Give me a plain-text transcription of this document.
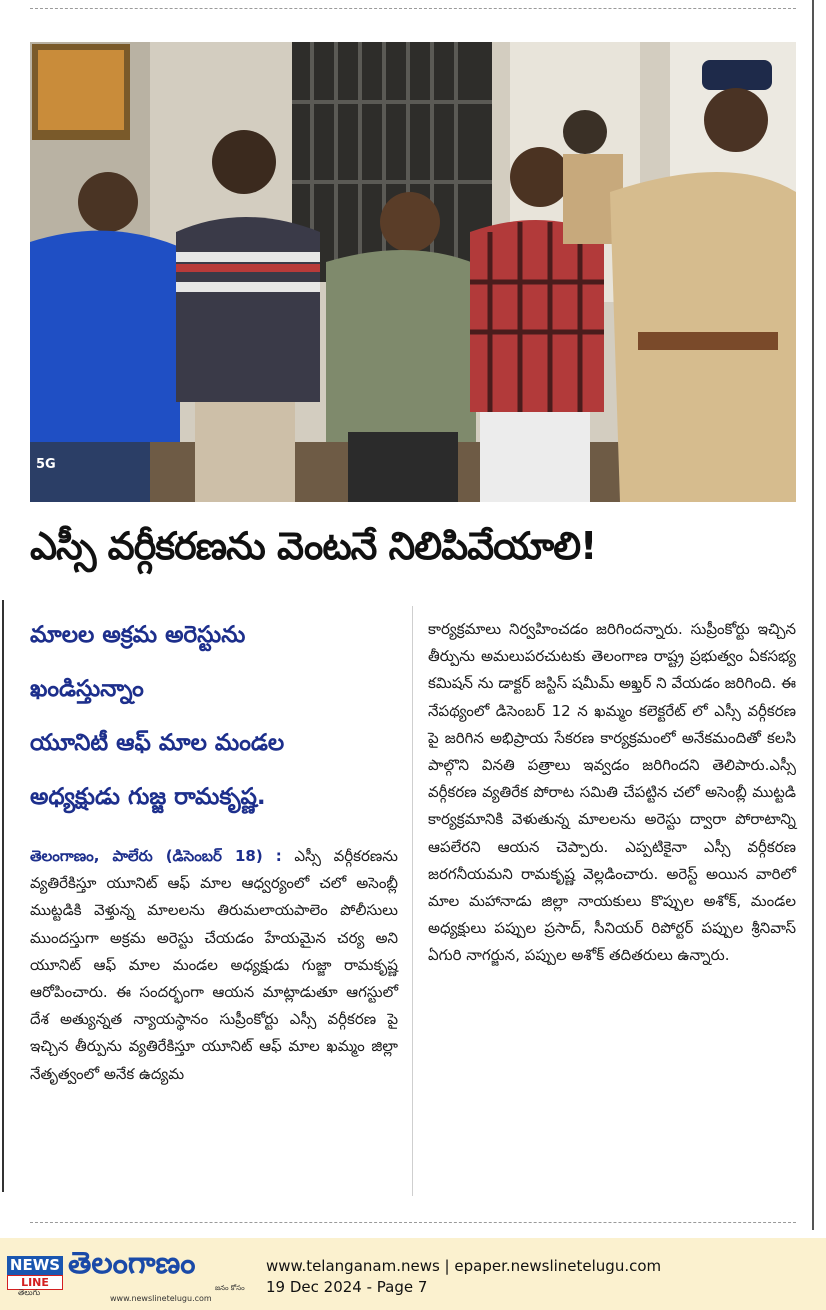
5G
ఎస్సీ వర్గీకరణను వెంటనే నిలిపివేయాలి!
మాలల అక్రమ అరెస్టును
ఖండిస్తున్నాం
యూనిటీ ఆఫ్ మాల మండల
అధ్యక్షుడు గుజ్జ రామకృష్ణ.

తెలంగాణం, పాలేరు (డిసెంబర్ 18) : ఎస్సీ వర్గీకరణను వ్యతిరేకిస్తూ యూనిట్ ఆఫ్ మాల ఆధ్వర్యంలో చలో అసెంబ్లీ ముట్టడికి వెళ్తున్న మాలలను తిరుమలాయపాలెం పోలీసులు ముందస్తుగా అక్రమ అరెస్టు చేయడం హేయమైన చర్య అని యూనిట్ ఆఫ్ మాల మండల అధ్యక్షుడు గుజ్జా రామకృష్ణ ఆరోపించారు. ఈ సందర్భంగా ఆయన మాట్లాడుతూ ఆగస్టులో దేశ అత్యున్నత న్యాయస్థానం సుప్రీంకోర్టు ఎస్సీ వర్గీకరణ పై ఇచ్చిన తీర్పును వ్యతిరేకిస్తూ యూనిట్ ఆఫ్ మాల ఖమ్మం జిల్లా నేతృత్వంలో అనేక ఉద్యమ

కార్యక్రమాలు నిర్వహించడం జరిగిందన్నారు. సుప్రీంకోర్టు ఇచ్చిన తీర్పును అమలుపరచుటకు తెలంగాణ రాష్ట్ర ప్రభుత్వం ఏకసభ్య కమిషన్ ను డాక్టర్ జస్టిస్ షమీమ్ అఖ్తర్ ని వేయడం జరిగింది. ఈ నేపథ్యంలో డిసెంబర్ 12 న ఖమ్మం కలెక్టరేట్ లో ఎస్సీ వర్గీకరణ పై జరిగిన అభిప్రాయ సేకరణ కార్యక్రమంలో అనేకమందితో కలసి పాల్గొని వినతి పత్రాలు ఇవ్వడం జరిగిందని తెలిపారు.ఎస్సీ వర్గీకరణ వ్యతిరేక పోరాట సమితి చేపట్టిన చలో అసెంబ్లీ ముట్టడి కార్యక్రమానికి వెళుతున్న మాలలను అరెస్టు ద్వారా పోరాటాన్ని ఆపలేరని ఆయన చెప్పారు. ఎప్పటికైనా ఎస్సీ వర్గీకరణ జరగనీయమని రామకృష్ణ వెల్లడించారు. అరెస్ట్ అయిన వారిలో మాల మహానాడు జిల్లా నాయకులు కొప్పుల అశోక్, మండల అధ్యక్షులు పప్పుల ప్రసాద్, సీనియర్ రిపోర్టర్ పప్పుల శ్రీనివాస్ ఏగురి నాగర్జున, పప్పుల అశోక్ తదితరులు ఉన్నారు.

NEWS
LINE
తెలంగాణం
తెలుగు
www.newslinetelugu.com
జనం కోసం
www.telanganam.news | epaper.newslinetelugu.com
19 Dec 2024 - Page 7
